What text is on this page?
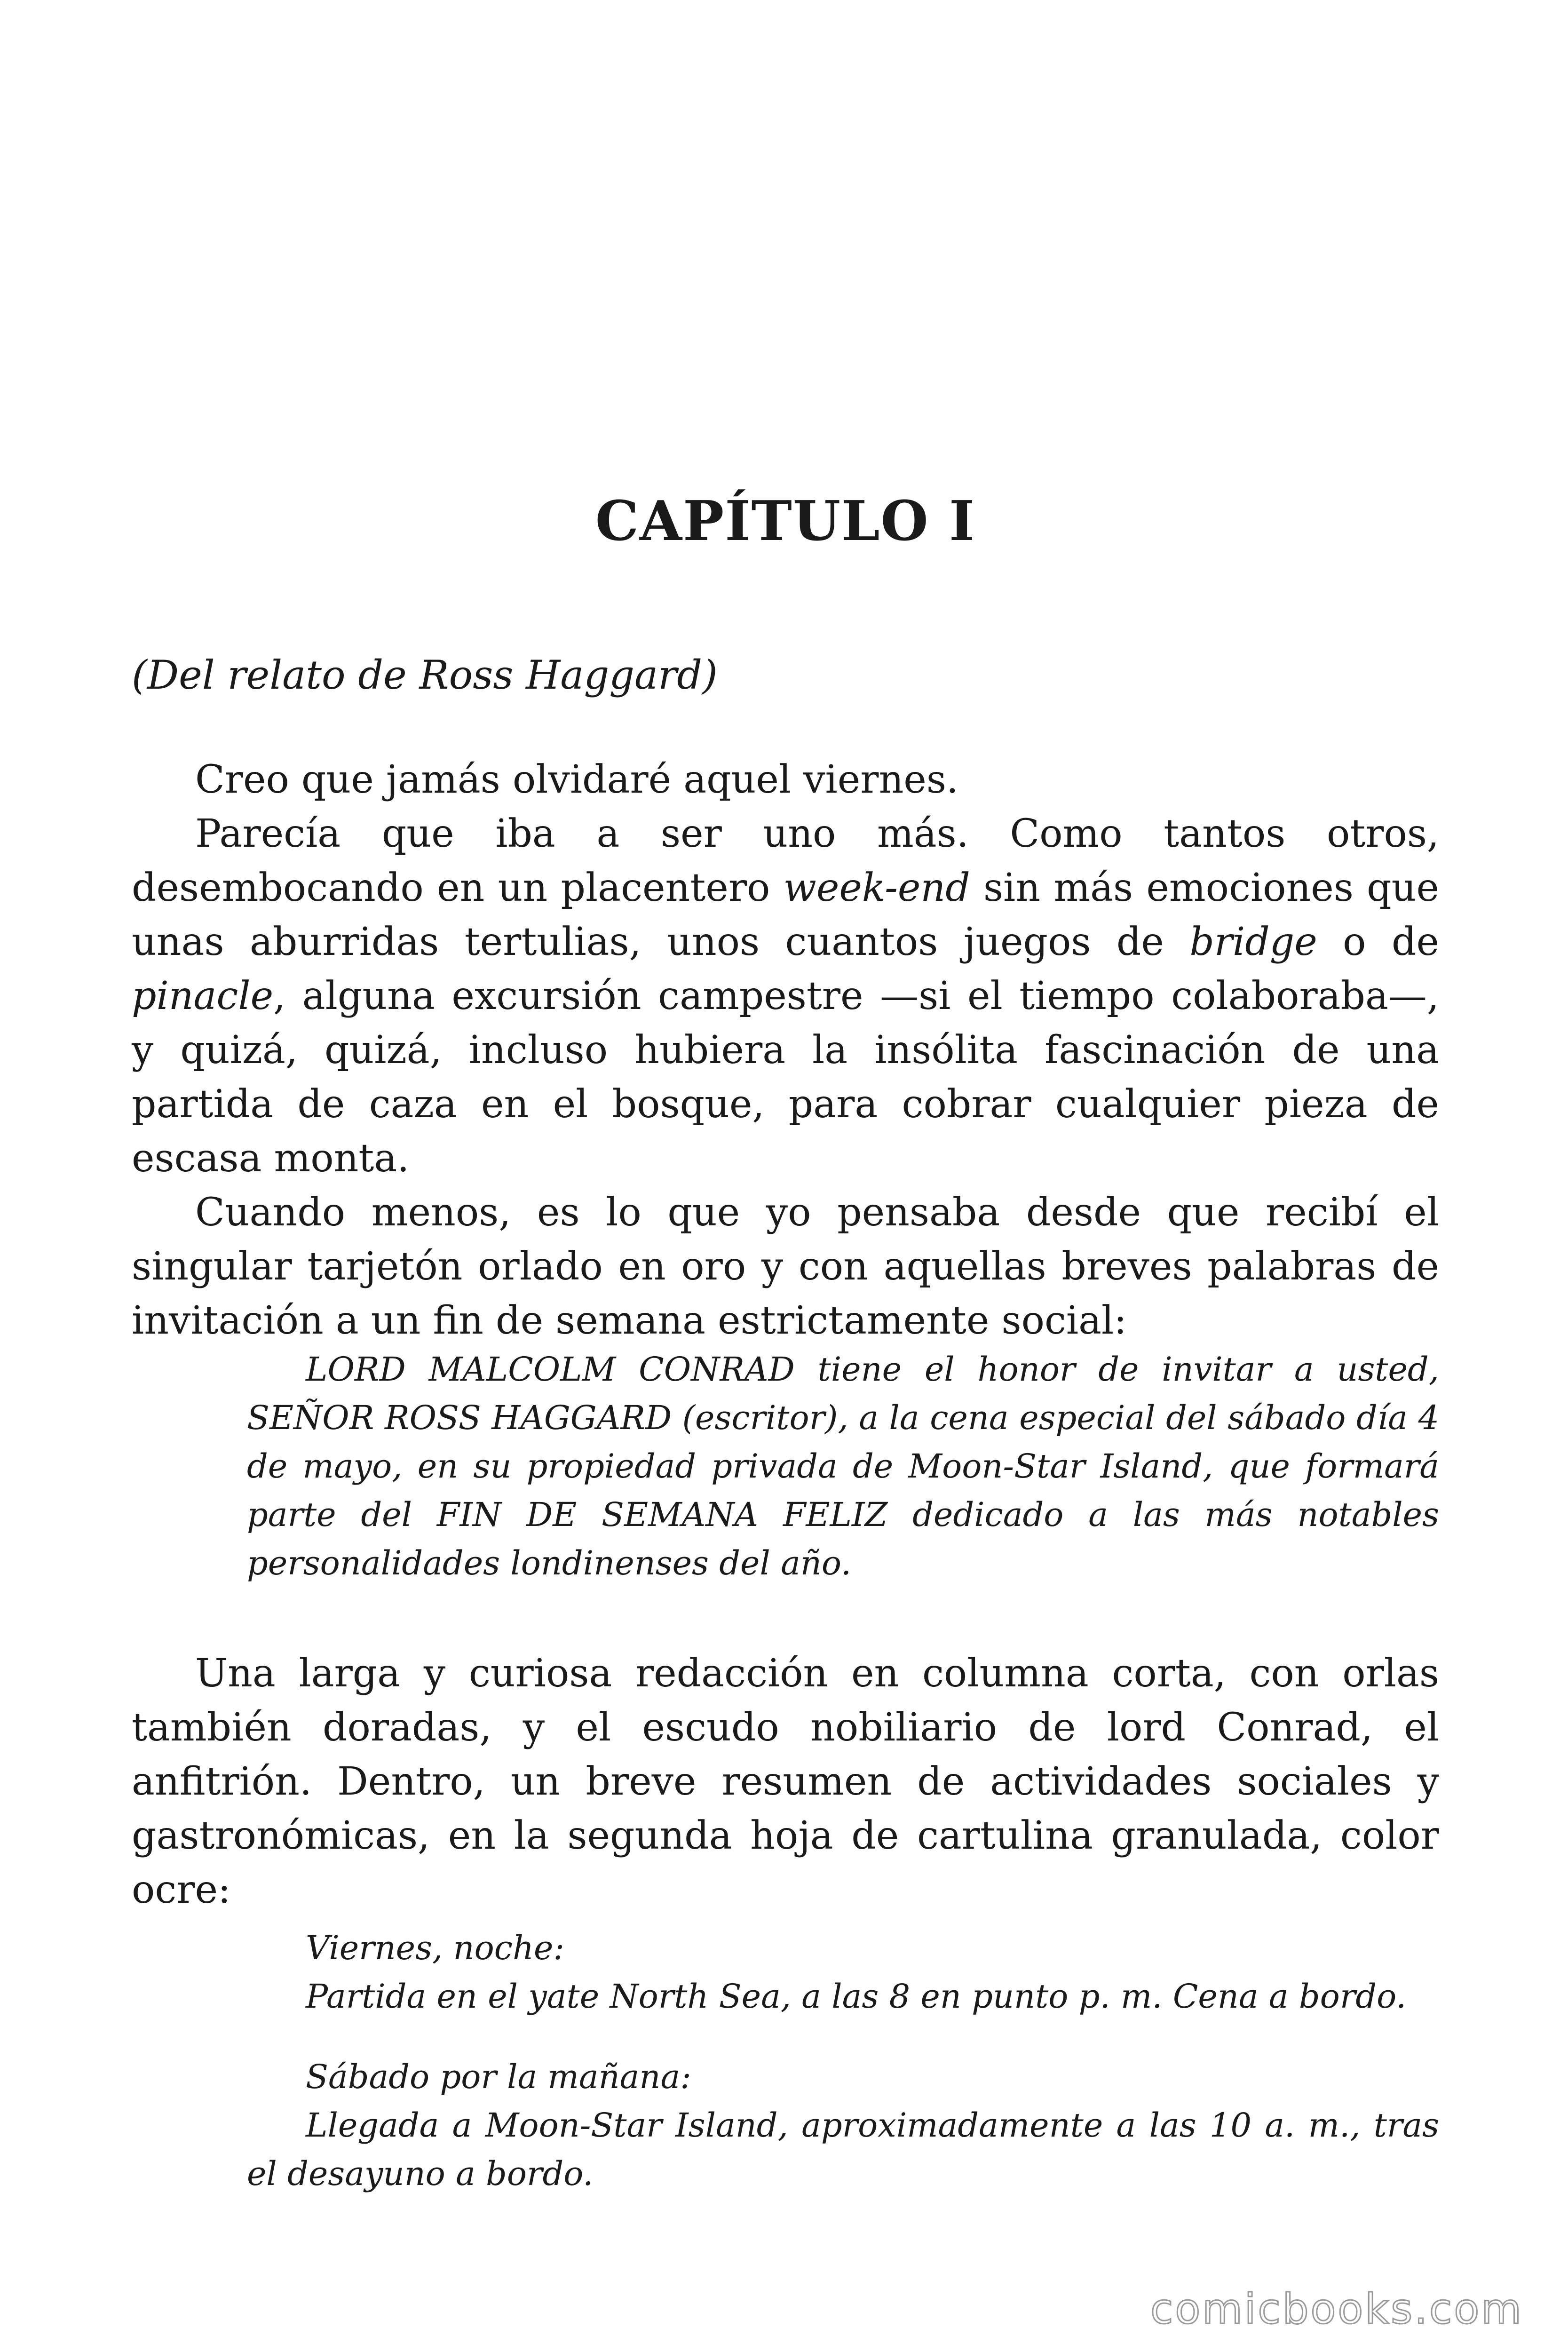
CAPÍTULO I
(Del relato de Ross Haggard)

Creo que jamás olvidaré aquel viernes.

Parecía que iba a ser uno más. Como tantos otros, desembocando en un placentero week-end sin más emociones que unas aburridas tertulias, unos cuantos juegos de bridge o de pinacle, alguna excursión campestre —si el tiempo colaboraba—, y quizá, quizá, incluso hubiera la insólita fascinación de una partida de caza en el bosque, para cobrar cualquier pieza de escasa monta.

Cuando menos, es lo que yo pensaba desde que recibí el singular tarjetón orlado en oro y con aquellas breves palabras de invitación a un fin de semana estrictamente social:

LORD MALCOLM CONRAD tiene el honor de invitar a usted, SEÑOR ROSS HAGGARD (escritor), a la cena especial del sábado día 4 de mayo, en su propiedad privada de Moon-Star Island, que formará parte del FIN DE SEMANA FELIZ dedicado a las más notables personalidades londinenses del año.

Una larga y curiosa redacción en columna corta, con orlas también doradas, y el escudo nobiliario de lord Conrad, el anfitrión. Dentro, un breve resumen de actividades sociales y gastronómicas, en la segunda hoja de cartulina granulada, color ocre:

Viernes, noche:

Partida en el yate North Sea, a las 8 en punto p. m. Cena a bordo.

Sábado por la mañana:

Llegada a Moon-Star Island, aproximadamente a las 10 a. m., tras el desayuno a bordo.

comicbooks.com
